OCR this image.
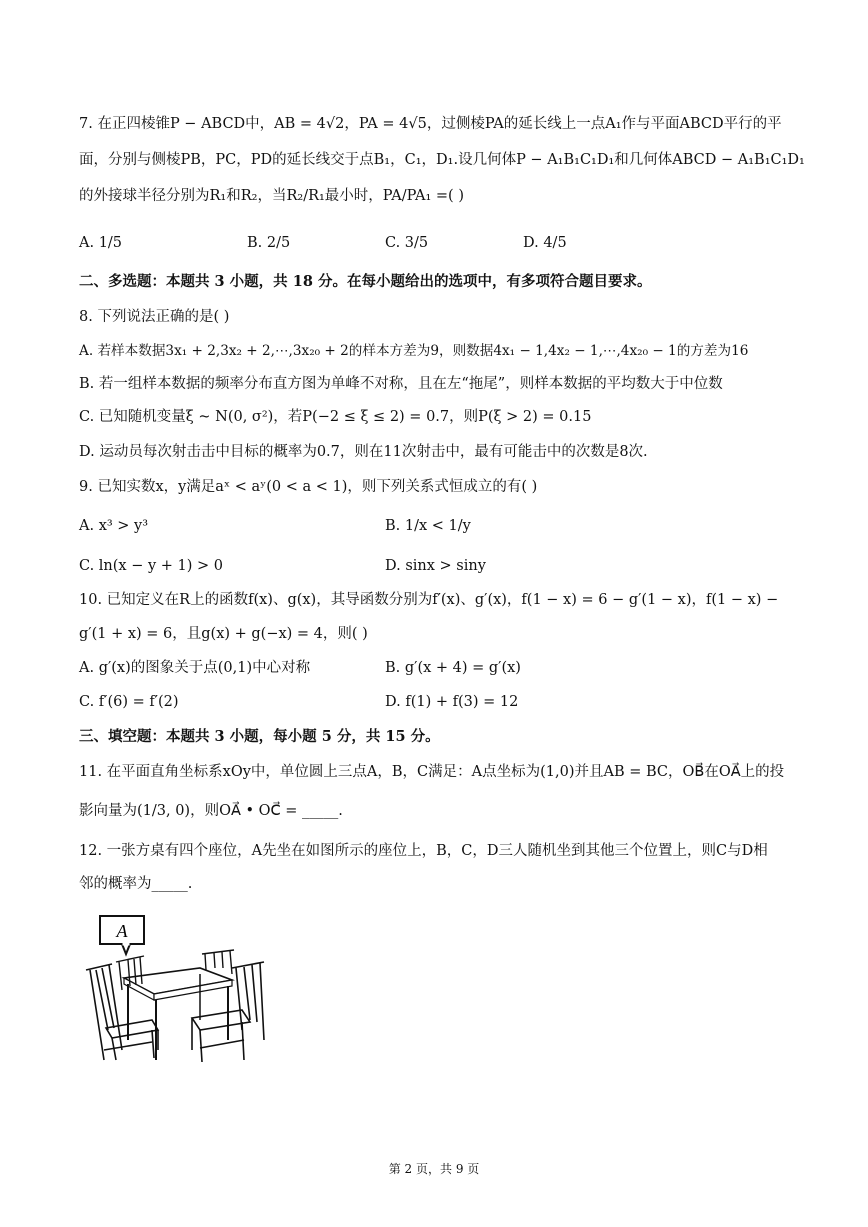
7. 在正四棱锥P − ABCD中，AB = 4√2，PA = 4√5，过侧棱PA的延长线上一点A₁作与平面ABCD平行的平
面，分别与侧棱PB，PC，PD的延长线交于点B₁，C₁，D₁.设几何体P − A₁B₁C₁D₁和几何体ABCD − A₁B₁C₁D₁
的外接球半径分别为R₁和R₂，当R₂/R₁最小时，PA/PA₁ =( )
A. 1/5	B. 2/5	C. 3/5	D. 4/5
二、多选题：本题共 3 小题，共 18 分。在每小题给出的选项中，有多项符合题目要求。
8. 下列说法正确的是( )
A. 若样本数据3x₁ + 2,3x₂ + 2,⋯,3x₂₀ + 2的样本方差为9，则数据4x₁ − 1,4x₂ − 1,⋯,4x₂₀ − 1的方差为16
B. 若一组样本数据的频率分布直方图为单峰不对称，且在左“拖尾”，则样本数据的平均数大于中位数
C. 已知随机变量ξ ~ N(0, σ²)，若P(−2 ≤ ξ ≤ 2) = 0.7，则P(ξ > 2) = 0.15
D. 运动员每次射击击中目标的概率为0.7，则在11次射击中，最有可能击中的次数是8次.
9. 已知实数x，y满足aˣ < aʸ(0 < a < 1)，则下列关系式恒成立的有( )
A. x³ > y³	B. 1/x < 1/y
C. ln(x − y + 1) > 0	D. sinx > siny
10. 已知定义在R上的函数f(x)、g(x)，其导函数分别为f′(x)、g′(x)，f(1 − x) = 6 − g′(1 − x)，f(1 − x) −
g′(1 + x) = 6，且g(x) + g(−x) = 4，则( )
A. g′(x)的图象关于点(0,1)中心对称	B. g′(x + 4) = g′(x)
C. f′(6) = f′(2)	D. f(1) + f(3) = 12
三、填空题：本题共 3 小题，每小题 5 分，共 15 分。
11. 在平面直角坐标系xOy中，单位圆上三点A，B，C满足：A点坐标为(1,0)并且AB = BC，OB⃗在OA⃗上的投
影向量为(1/3, 0)，则OA⃗ • OC⃗ = _____.
12. 一张方桌有四个座位，A先坐在如图所示的座位上，B，C，D三人随机坐到其他三个位置上，则C与D相
邻的概率为_____.
A
第 2 页，共 9 页
